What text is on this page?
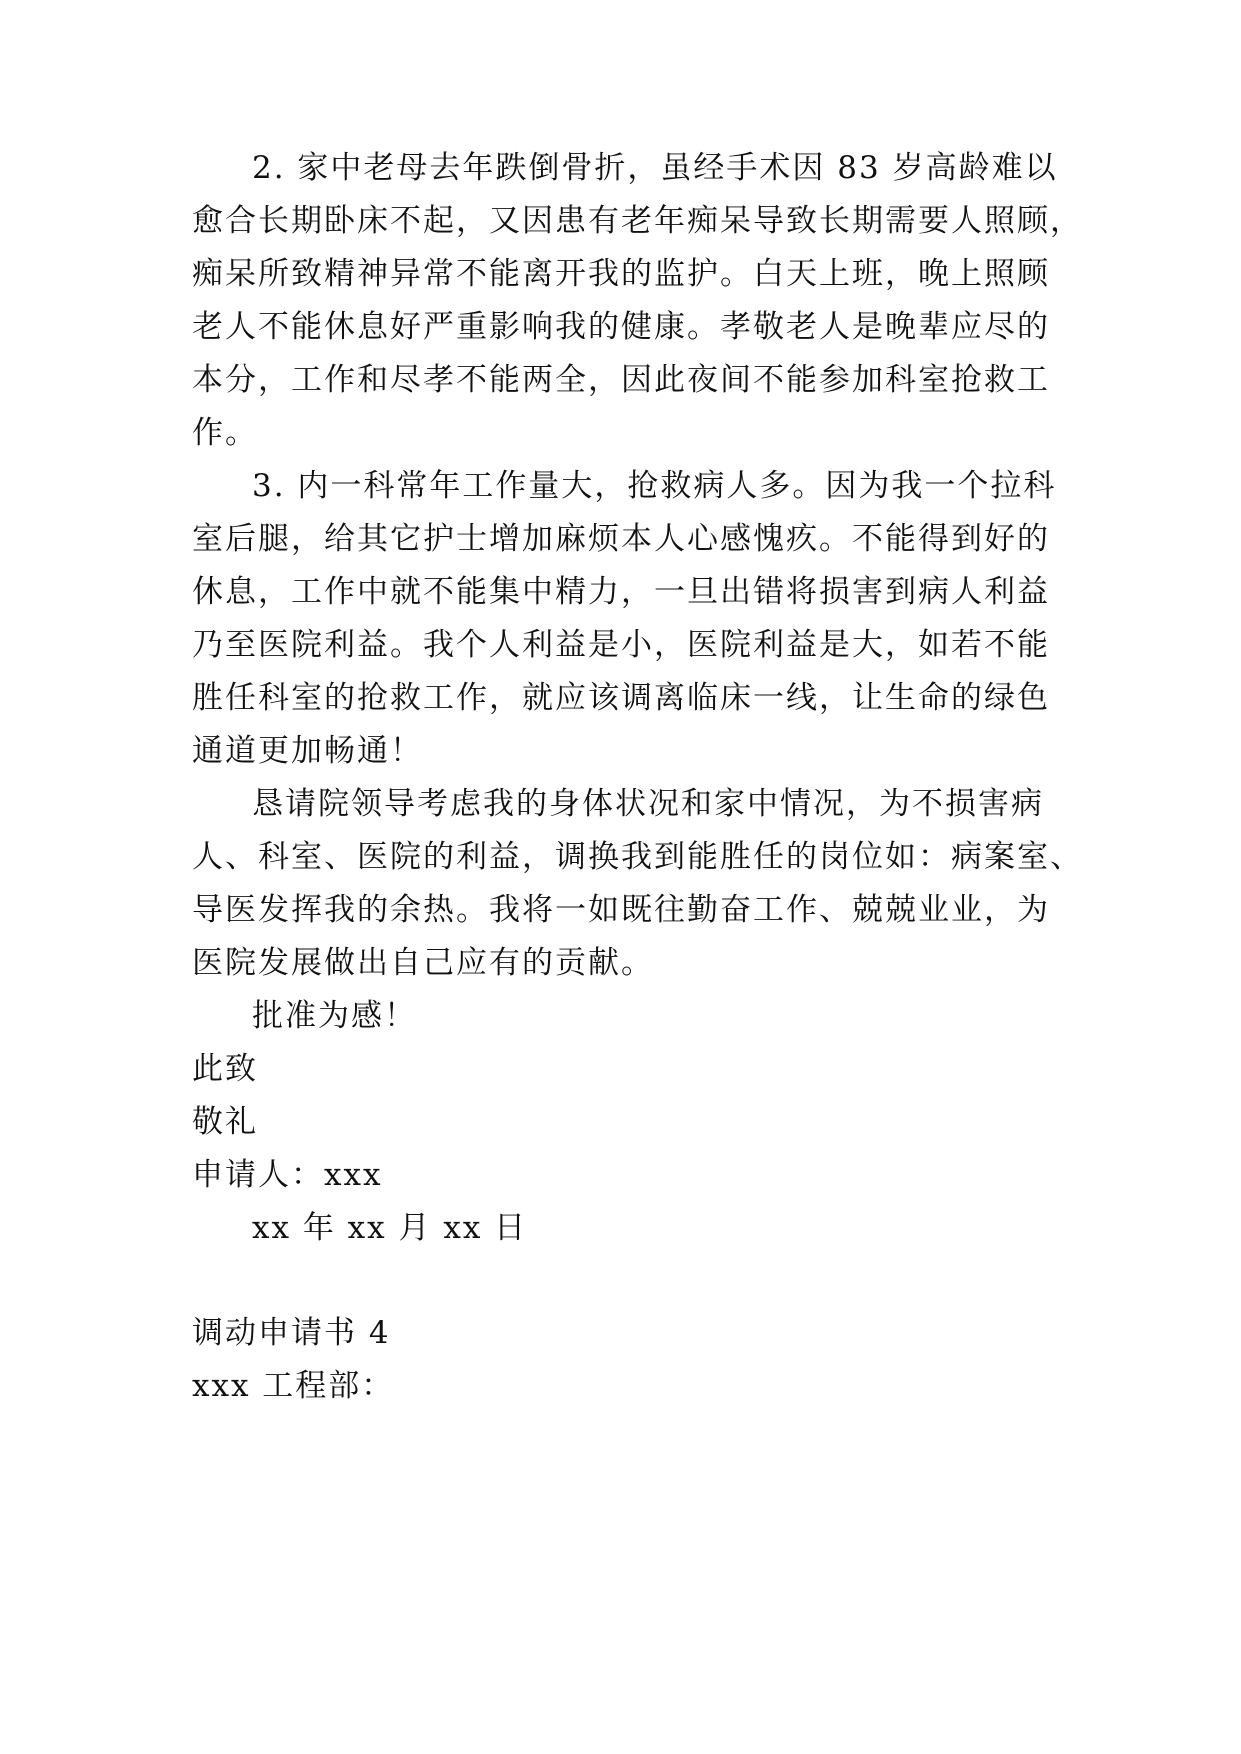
2. 家中老母去年跌倒骨折，虽经手术因 83 岁高龄难以
愈合长期卧床不起，又因患有老年痴呆导致长期需要人照顾，
痴呆所致精神异常不能离开我的监护。白天上班，晚上照顾
老人不能休息好严重影响我的健康。孝敬老人是晚辈应尽的
本分，工作和尽孝不能两全，因此夜间不能参加科室抢救工
作。
3. 内一科常年工作量大，抢救病人多。因为我一个拉科
室后腿，给其它护士增加麻烦本人心感愧疚。不能得到好的
休息，工作中就不能集中精力，一旦出错将损害到病人利益
乃至医院利益。我个人利益是小，医院利益是大，如若不能
胜任科室的抢救工作，就应该调离临床一线，让生命的绿色
通道更加畅通！
恳请院领导考虑我的身体状况和家中情况，为不损害病
人、科室、医院的利益，调换我到能胜任的岗位如：病案室、
导医发挥我的余热。我将一如既往勤奋工作、兢兢业业，为
医院发展做出自己应有的贡献。
批准为感！
此致
敬礼
申请人：xxx
xx 年 xx 月 xx 日
调动申请书 4
xxx 工程部：
